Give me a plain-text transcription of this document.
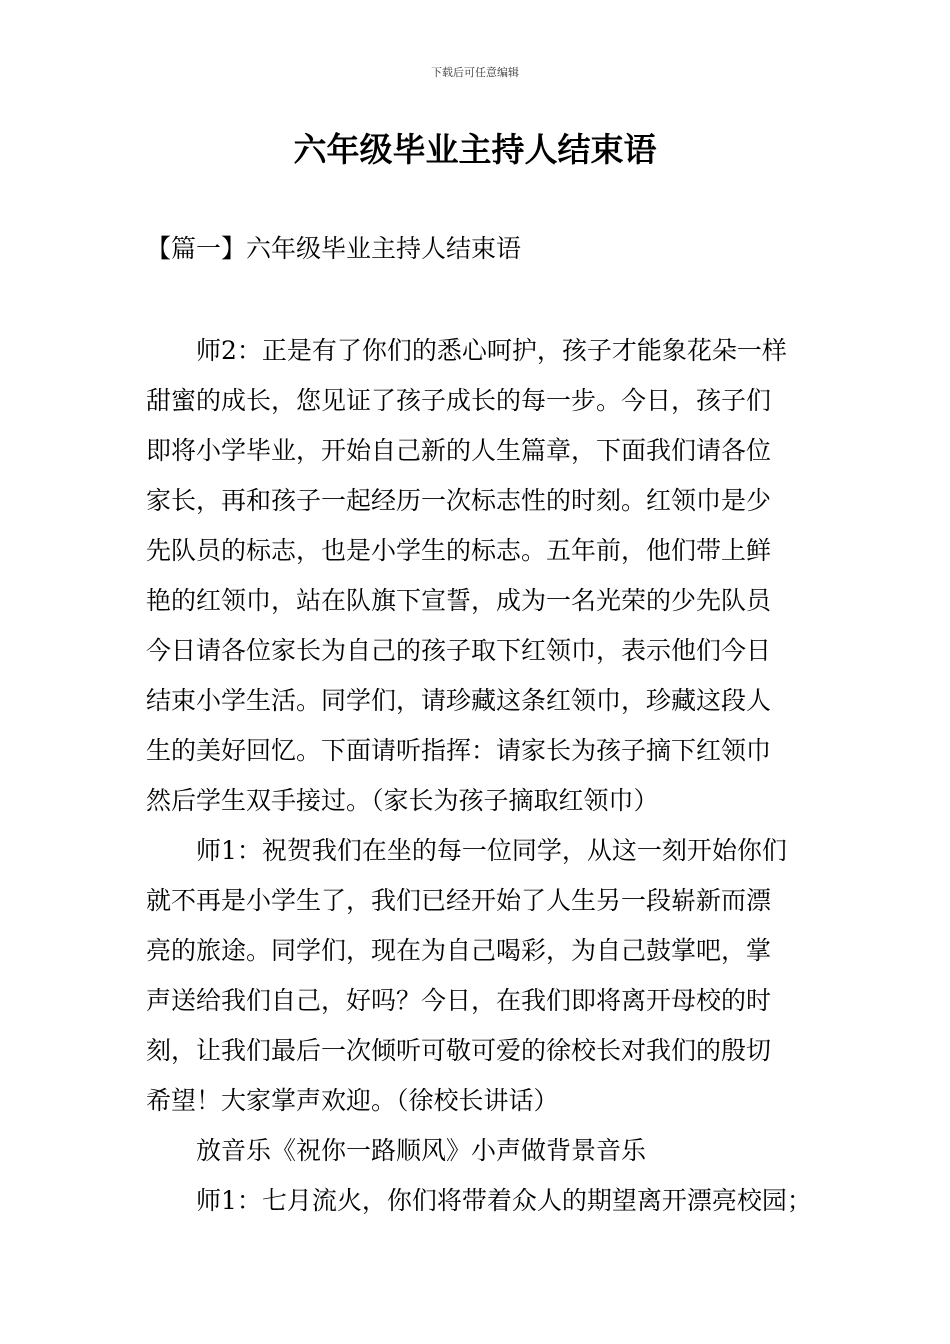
下载后可任意编辑
六年级毕业主持人结束语
【篇一】六年级毕业主持人结束语

师2：正是有了你们的悉心呵护，孩子才能象花朵一样

甜蜜的成长，您见证了孩子成长的每一步。今日，孩子们

即将小学毕业，开始自己新的人生篇章，下面我们请各位

家长，再和孩子一起经历一次标志性的时刻。红领巾是少

先队员的标志，也是小学生的标志。五年前，他们带上鲜

艳的红领巾，站在队旗下宣誓，成为一名光荣的少先队员

今日请各位家长为自己的孩子取下红领巾，表示他们今日

结束小学生活。同学们，请珍藏这条红领巾，珍藏这段人

生的美好回忆。下面请听指挥：请家长为孩子摘下红领巾

然后学生双手接过。（家长为孩子摘取红领巾）

师1：祝贺我们在坐的每一位同学，从这一刻开始你们

就不再是小学生了，我们已经开始了人生另一段崭新而漂

亮的旅途。同学们，现在为自己喝彩，为自己鼓掌吧，掌

声送给我们自己，好吗？今日，在我们即将离开母校的时

刻，让我们最后一次倾听可敬可爱的徐校长对我们的殷切

希望！大家掌声欢迎。（徐校长讲话）

放音乐《祝你一路顺风》小声做背景音乐

师1：七月流火，你们将带着众人的期望离开漂亮校园；
